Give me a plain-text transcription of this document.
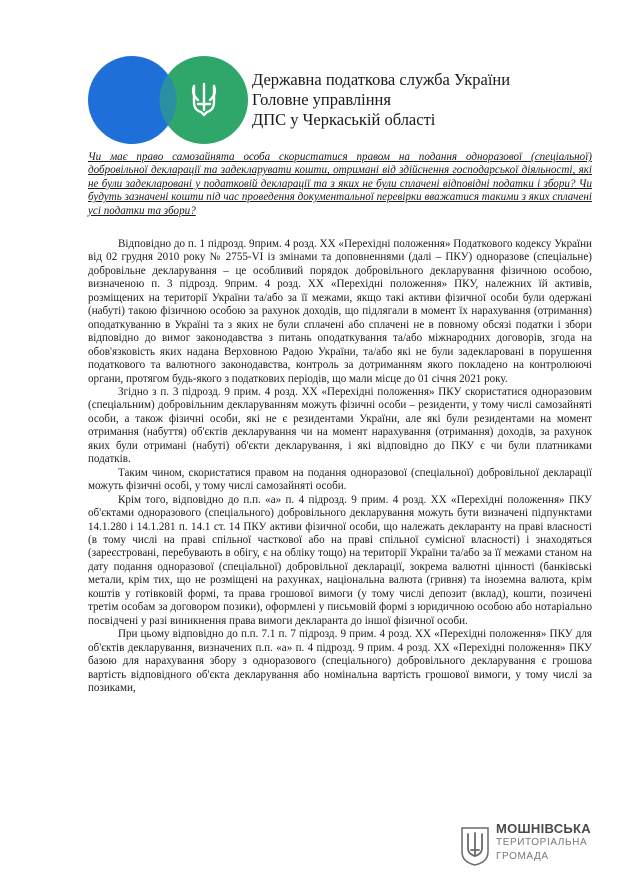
Державна податкова служба України
Головне управління
ДПС у Черкаській області
Чи має право самозайнята особа скористатися правом на подання одноразової (спеціальної) добровільної декларації та задекларувати кошти, отримані від здійснення господарської діяльності, які не були задекларовані у податковій декларації та з яких не були сплачені відповідні податки і збори? Чи будуть зазначені кошти під час проведення документальної перевірки вважатися такими з яких сплачені усі податки та збори?

Відповідно до п. 1 підрозд. 9прим. 4 розд. XX «Перехідні положення» Податкового кодексу України від 02 грудня 2010 року № 2755-VI із змінами та доповненнями (далі – ПКУ) одноразове (спеціальне) добровільне декларування – це особливий порядок добровільного декларування фізичною особою, визначеною п. 3 підрозд. 9прим. 4 розд. XX «Перехідні положення» ПКУ, належних їй активів, розміщених на території України та/або за її межами, якщо такі активи фізичної особи були одержані (набуті) такою фізичною особою за рахунок доходів, що підлягали в момент їх нарахування (отримання) оподаткуванню в Україні та з яких не були сплачені або сплачені не в повному обсязі податки і збори відповідно до вимог законодавства з питань оподаткування та/або міжнародних договорів, згода на обов'язковість яких надана Верховною Радою України, та/або які не були задекларовані в порушення податкового та валютного законодавства, контроль за дотриманням якого покладено на контролюючі органи, протягом будь-якого з податкових періодів, що мали місце до 01 січня 2021 року.

Згідно з п. 3 підрозд. 9 прим. 4 розд. XX «Перехідні положення» ПКУ скористатися одноразовим (спеціальним) добровільним декларуванням можуть фізичні особи – резиденти, у тому числі самозайняті особи, а також фізичні особи, які не є резидентами України, але які були резидентами на момент отримання (набуття) об'єктів декларування чи на момент нарахування (отримання) доходів, за рахунок яких були отримані (набуті) об'єкти декларування, і які відповідно до ПКУ є чи були платниками податків.

Таким чином, скористатися правом на подання одноразової (спеціальної) добровільної декларації можуть фізичні особі, у тому числі самозайняті особи.

Крім того, відповідно до п.п. «а» п. 4 підрозд. 9 прим. 4 розд. XX «Перехідні положення» ПКУ об'єктами одноразового (спеціального) добровільного декларування можуть бути визначені підпунктами 14.1.280 і 14.1.281 п. 14.1 ст. 14 ПКУ активи фізичної особи, що належать декларанту на праві власності (в тому числі на праві спільної часткової або на праві спільної сумісної власності) і знаходяться (зареєстровані, перебувають в обігу, є на обліку тощо) на території України та/або за її межами станом на дату подання одноразової (спеціальної) добровільної декларації, зокрема валютні цінності (банківські метали, крім тих, що не розміщені на рахунках, національна валюта (гривня) та іноземна валюта, крім коштів у готівковій формі, та права грошової вимоги (у тому числі депозит (вклад), кошти, позичені третім особам за договором позики), оформлені у письмовій формі з юридичною особою або нотаріально посвідчені у разі виникнення права вимоги декларанта до іншої фізичної особи.

При цьому відповідно до п.п. 7.1 п. 7 підрозд. 9 прим. 4 розд. XX «Перехідні положення» ПКУ для об'єктів декларування, визначених п.п. «а» п. 4 підрозд. 9 прим. 4 розд. XX «Перехідні положення» ПКУ базою для нарахування збору з одноразового (спеціального) добровільного декларування є грошова вартість відповідного об'єкта декларування або номінальна вартість грошової вимоги, у тому числі за позиками,

МОШНІВСЬКА
ТЕРИТОРІАЛЬНА
ГРОМАДА
